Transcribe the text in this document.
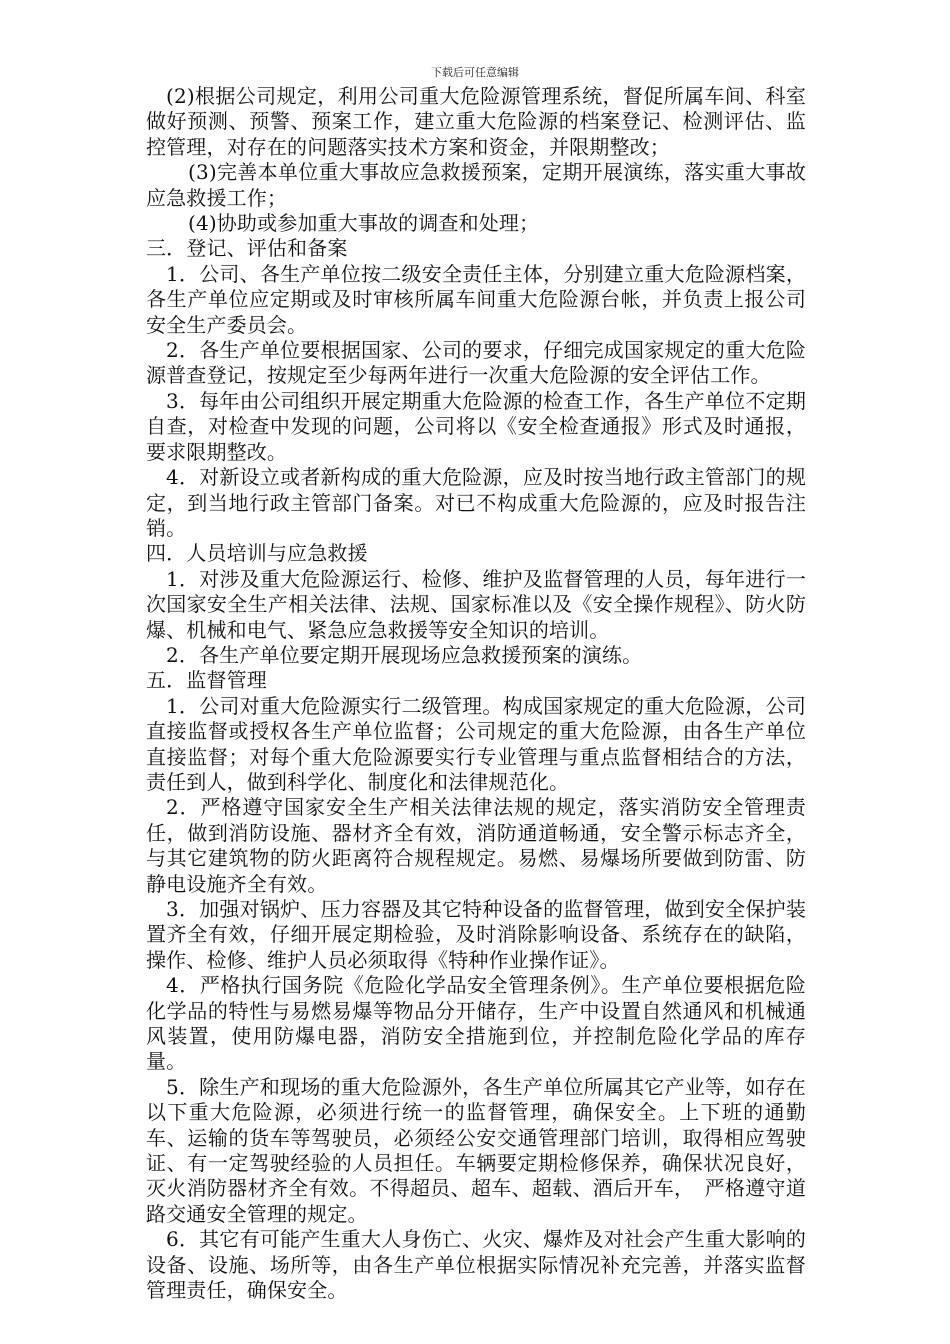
下载后可任意编辑

(2)根据公司规定，利用公司重大危险源管理系统，督促所属车间、科室做好预测、预警、预案工作，建立重大危险源的档案登记、检测评估、监控管理，对存在的问题落实技术方案和资金，并限期整改；

(3)完善本单位重大事故应急救援预案，定期开展演练，落实重大事故应急救援工作；

(4)协助或参加重大事故的调查和处理；

三．登记、评估和备案

1．公司、各生产单位按二级安全责任主体，分别建立重大危险源档案，各生产单位应定期或及时审核所属车间重大危险源台帐，并负责上报公司安全生产委员会。

2．各生产单位要根据国家、公司的要求，仔细完成国家规定的重大危险源普查登记，按规定至少每两年进行一次重大危险源的安全评估工作。

3．每年由公司组织开展定期重大危险源的检查工作，各生产单位不定期自查，对检查中发现的问题，公司将以《安全检查通报》形式及时通报，要求限期整改。

4．对新设立或者新构成的重大危险源，应及时按当地行政主管部门的规定，到当地行政主管部门备案。对已不构成重大危险源的，应及时报告注销。

四．人员培训与应急救援

1．对涉及重大危险源运行、检修、维护及监督管理的人员，每年进行一次国家安全生产相关法律、法规、国家标准以及《安全操作规程》、防火防爆、机械和电气、紧急应急救援等安全知识的培训。

2．各生产单位要定期开展现场应急救援预案的演练。

五．监督管理

1．公司对重大危险源实行二级管理。构成国家规定的重大危险源，公司直接监督或授权各生产单位监督；公司规定的重大危险源，由各生产单位直接监督；对每个重大危险源要实行专业管理与重点监督相结合的方法，责任到人，做到科学化、制度化和法律规范化。

2．严格遵守国家安全生产相关法律法规的规定，落实消防安全管理责任，做到消防设施、器材齐全有效，消防通道畅通，安全警示标志齐全，与其它建筑物的防火距离符合规程规定。易燃、易爆场所要做到防雷、防静电设施齐全有效。

3．加强对锅炉、压力容器及其它特种设备的监督管理，做到安全保护装置齐全有效，仔细开展定期检验，及时消除影响设备、系统存在的缺陷，操作、检修、维护人员必须取得《特种作业操作证》。

4．严格执行国务院《危险化学品安全管理条例》。生产单位要根据危险化学品的特性与易燃易爆等物品分开储存，生产中设置自然通风和机械通风装置，使用防爆电器，消防安全措施到位，并控制危险化学品的库存量。

5．除生产和现场的重大危险源外，各生产单位所属其它产业等，如存在以下重大危险源，必须进行统一的监督管理，确保安全。上下班的通勤车、运输的货车等驾驶员，必须经公安交通管理部门培训，取得相应驾驶证、有一定驾驶经验的人员担任。车辆要定期检修保养，确保状况良好，灭火消防器材齐全有效。不得超员、超车、超载、酒后开车，　严格遵守道路交通安全管理的规定。

6．其它有可能产生重大人身伤亡、火灾、爆炸及对社会产生重大影响的设备、设施、场所等，由各生产单位根据实际情况补充完善，并落实监督管理责任，确保安全。
